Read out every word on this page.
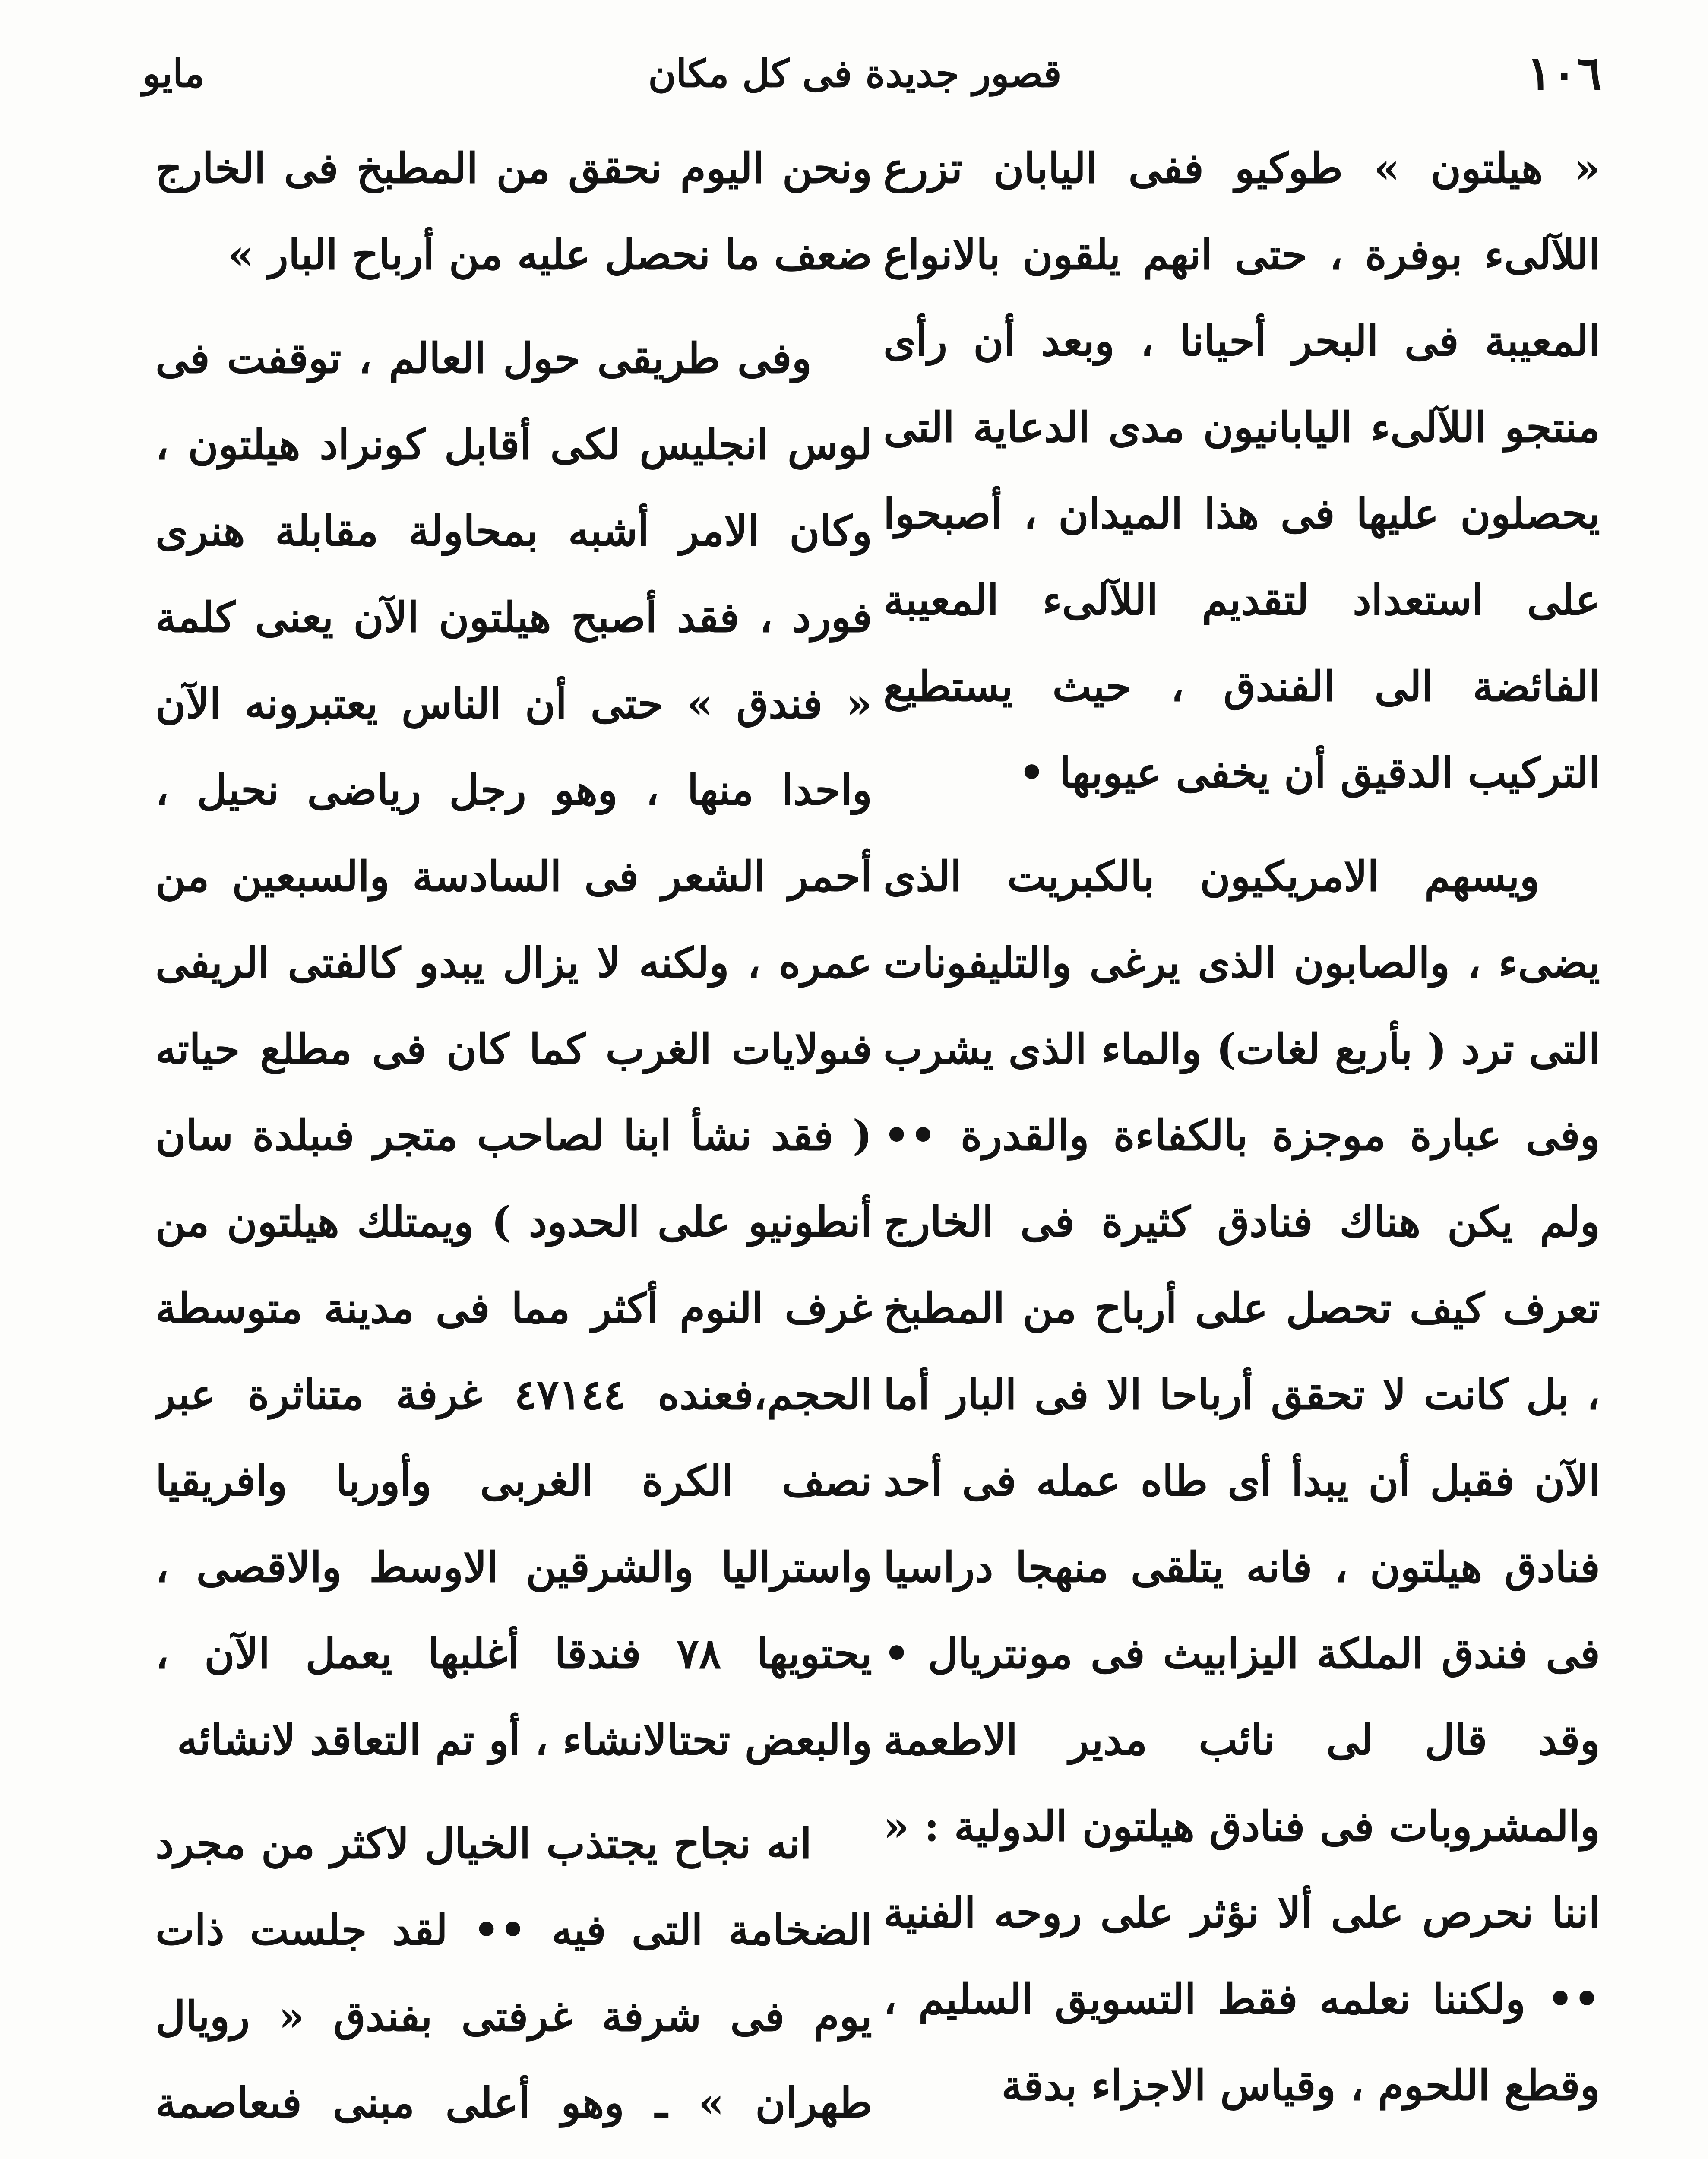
١٠٦
قصور جديدة فى كل مكان
مايو

« هيلتون » طوكيو ففى اليابان تزرع اللآلىء بوفرة ، حتى انهم يلقون بالانواع المعيبة فى البحر أحيانا ، وبعد أن رأى منتجو اللآلىء اليابانيون مدى الدعاية التى يحصلون عليها فى هذا الميدان ، أصبحوا على استعداد لتقديم اللآلىء المعيبة الفائضة الى الفندق ، حيث يستطيع التركيب الدقيق أن يخفى عيوبها •

ويسهم الامريكيون بالكبريت الذى يضىء ، والصابون الذى يرغى والتليفونات التى ترد ( بأربع لغات) والماء الذى يشرب وفى عبارة موجزة بالكفاءة والقدرة •• ولم يكن هناك فنادق كثيرة فى الخارج تعرف كيف تحصل على أرباح من المطبخ ، بل كانت لا تحقق أرباحا الا فى البار أما الآن فقبل أن يبدأ أى طاه عمله فى أحد فنادق هيلتون ، فانه يتلقى منهجا دراسيا فى فندق الملكة اليزابيث فى مونتريال • وقد قال لى نائب مدير الاطعمة والمشروبات فى فنادق هيلتون الدولية : « اننا نحرص على ألا نؤثر على روحه الفنية •• ولكننا نعلمه فقط التسويق السليم ، وقطع اللحوم ، وقياس الاجزاء بدقة

ونحن اليوم نحقق من المطبخ فى الخارج ضعف ما نحصل عليه من أرباح البار »

وفى طريقى حول العالم ، توقفت فى لوس انجليس لكى أقابل كونراد هيلتون ، وكان الامر أشبه بمحاولة مقابلة هنرى فورد ، فقد أصبح هيلتون الآن يعنى كلمة « فندق » حتى أن الناس يعتبرونه الآن واحدا منها ، وهو رجل رياضى نحيل ، أحمر الشعر فى السادسة والسبعين من عمره ، ولكنه لا يزال يبدو كالفتى الريفى فىولايات الغرب كما كان فى مطلع حياته ( فقد نشأ ابنا لصاحب متجر فىبلدة سان أنطونيو على الحدود ) ويمتلك هيلتون من غرف النوم أكثر مما فى مدينة متوسطة الحجم،فعنده ٤٧١٤٤ غرفة متناثرة عبر نصف الكرة الغربى وأوربا وافريقيا واستراليا والشرقين الاوسط والاقصى ، يحتويها ٧٨ فندقا أغلبها يعمل الآن ، والبعض تحتالانشاء ، أو تم التعاقد لانشائه

انه نجاح يجتذب الخيال لاكثر من مجرد الضخامة التى فيه •• لقد جلست ذات يوم فى شرفة غرفتى بفندق « رويال طهران » ـ وهو أعلى مبنى فىعاصمة
